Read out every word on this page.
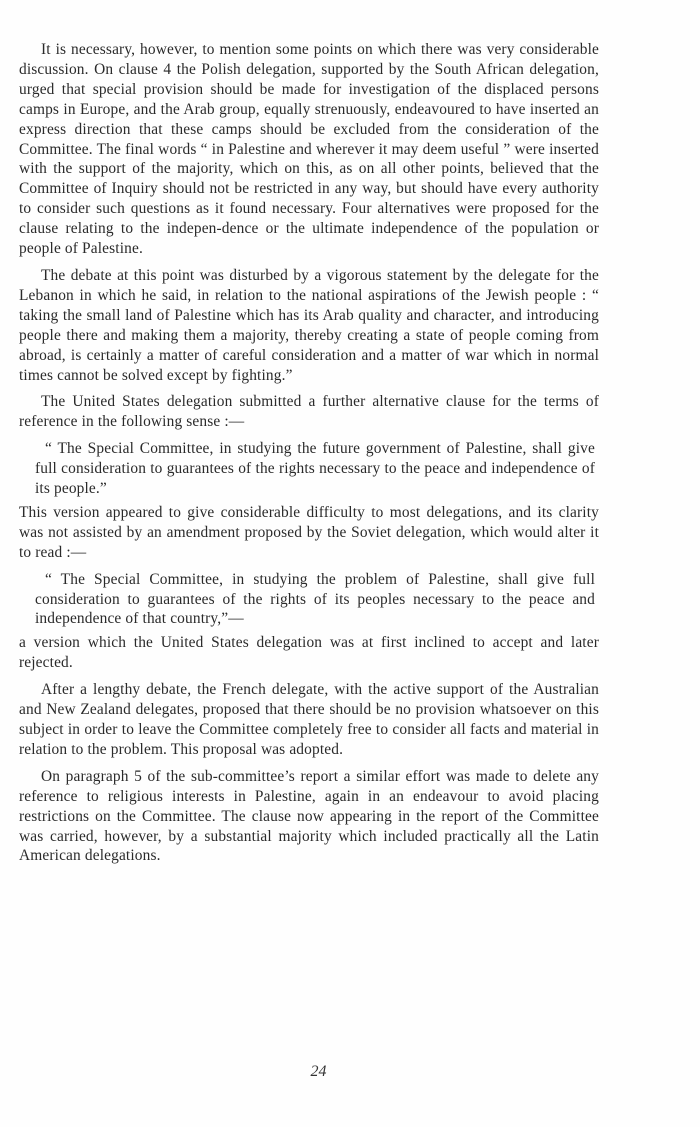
It is necessary, however, to mention some points on which there was very considerable discussion. On clause 4 the Polish delegation, supported by the South African delegation, urged that special provision should be made for investigation of the displaced persons camps in Europe, and the Arab group, equally strenuously, endeavoured to have inserted an express direction that these camps should be excluded from the consideration of the Committee. The final words “ in Palestine and wherever it may deem useful ” were inserted with the support of the majority, which on this, as on all other points, believed that the Committee of Inquiry should not be restricted in any way, but should have every authority to consider such questions as it found necessary. Four alternatives were proposed for the clause relating to the indepen-dence or the ultimate independence of the population or people of Palestine.

The debate at this point was disturbed by a vigorous statement by the delegate for the Lebanon in which he said, in relation to the national aspirations of the Jewish people : “ taking the small land of Palestine which has its Arab quality and character, and introducing people there and making them a majority, thereby creating a state of people coming from abroad, is certainly a matter of careful consideration and a matter of war which in normal times cannot be solved except by fighting.”

The United States delegation submitted a further alternative clause for the terms of reference in the following sense :—

“ The Special Committee, in studying the future government of Palestine, shall give full consideration to guarantees of the rights necessary to the peace and independence of its people.”

This version appeared to give considerable difficulty to most delegations, and its clarity was not assisted by an amendment proposed by the Soviet delegation, which would alter it to read :—

“ The Special Committee, in studying the problem of Palestine, shall give full consideration to guarantees of the rights of its peoples necessary to the peace and independence of that country,”—

a version which the United States delegation was at first inclined to accept and later rejected.

After a lengthy debate, the French delegate, with the active support of the Australian and New Zealand delegates, proposed that there should be no provision whatsoever on this subject in order to leave the Committee completely free to consider all facts and material in relation to the problem. This proposal was adopted.

On paragraph 5 of the sub-committee’s report a similar effort was made to delete any reference to religious interests in Palestine, again in an endeavour to avoid placing restrictions on the Committee. The clause now appearing in the report of the Committee was carried, however, by a substantial majority which included practically all the Latin American delegations.

24
